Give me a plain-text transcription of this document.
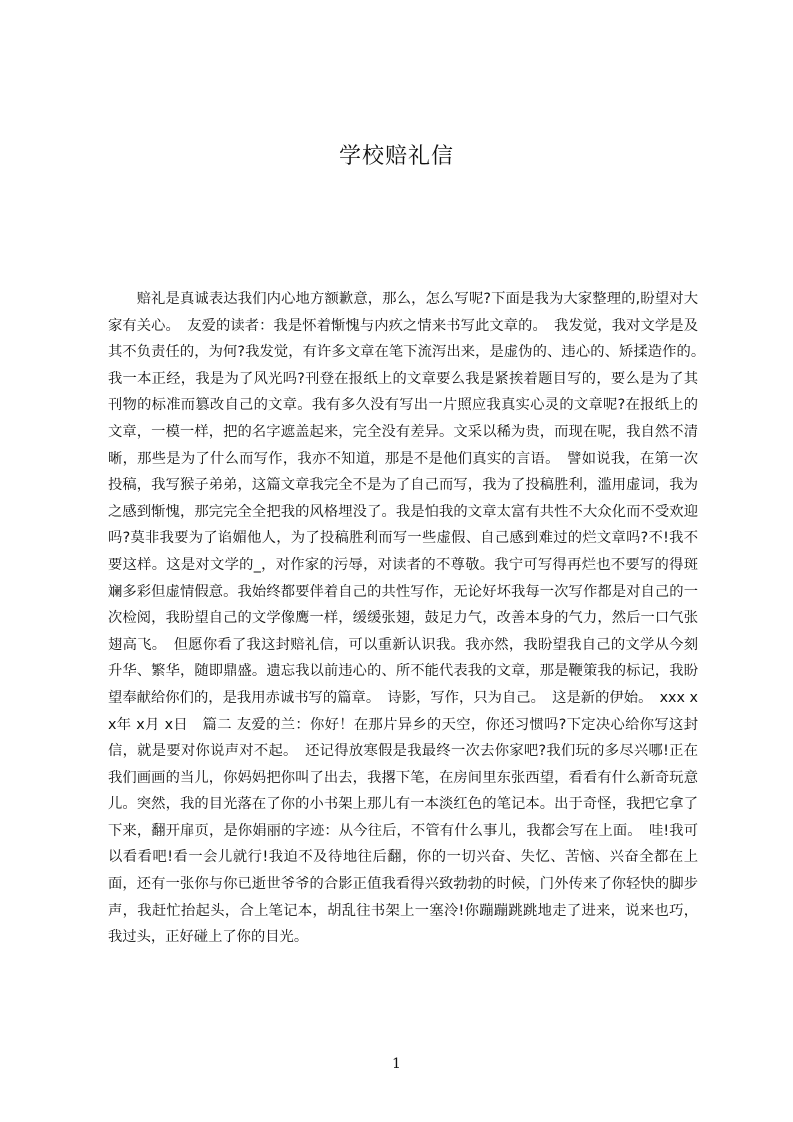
学校赔礼信

赔礼是真诚表达我们内心地方额歉意，那么，怎么写呢?下面是我为大家整理的,盼望对大家有关心。　友爱的读者：我是怀着惭愧与内疚之情来书写此文章的。　我发觉，我对文学是及其不负责任的，为何?我发觉，有许多文章在笔下流泻出来，是虚伪的、违心的、矫揉造作的。　我一本正经，我是为了风光吗?刊登在报纸上的文章要么我是紧挨着题目写的，要么是为了其刊物的标准而篡改自己的文章。我有多久没有写出一片照应我真实心灵的文章呢?在报纸上的文章，一模一样，把的名字遮盖起来，完全没有差异。文采以稀为贵，而现在呢，我自然不清晰，那些是为了什么而写作，我亦不知道，那是不是他们真实的言语。　譬如说我，在第一次投稿，我写猴子弟弟，这篇文章我完全不是为了自己而写，我为了投稿胜利，滥用虚词，我为之感到惭愧，那完完全全把我的风格埋没了。我是怕我的文章太富有共性不大众化而不受欢迎吗?莫非我要为了谄媚他人，为了投稿胜利而写一些虚假、自己感到难过的烂文章吗?不!我不要这样。这是对文学的_，对作家的污辱，对读者的不尊敬。我宁可写得再烂也不要写的得斑斓多彩但虚情假意。我始终都要伴着自己的共性写作，无论好坏我每一次写作都是对自己的一次检阅，我盼望自己的文学像鹰一样，缓缓张翅，鼓足力气，改善本身的气力，然后一口气张翅高飞。　但愿你看了我这封赔礼信，可以重新认识我。我亦然，我盼望我自己的文学从今刻升华、繁华，随即鼎盛。遗忘我以前违心的、所不能代表我的文章，那是鞭策我的标记，我盼望奉献给你们的，是我用赤诚书写的篇章。　诗影，写作，只为自己。　这是新的伊始。　xxx xx年 x月 x日　篇二 友爱的兰：你好！在那片异乡的天空，你还习惯吗?下定决心给你写这封信，就是要对你说声对不起。　还记得放寒假是我最终一次去你家吧?我们玩的多尽兴哪!正在我们画画的当儿，你妈妈把你叫了出去，我撂下笔，在房间里东张西望，看看有什么新奇玩意儿。突然，我的目光落在了你的小书架上那儿有一本淡红色的笔记本。出于奇怪，我把它拿了下来，翻开扉页，是你娟丽的字迹：从今往后，不管有什么事儿，我都会写在上面。　哇!我可以看看吧!看一会儿就行!我迫不及待地往后翻，你的一切兴奋、失忆、苦恼、兴奋全都在上面，还有一张你与你已逝世爷爷的合影正值我看得兴致勃勃的时候，门外传来了你轻快的脚步声，我赶忙抬起头，合上笔记本，胡乱往书架上一塞泠!你蹦蹦跳跳地走了进来，说来也巧，我过头，正好碰上了你的目光。

1
